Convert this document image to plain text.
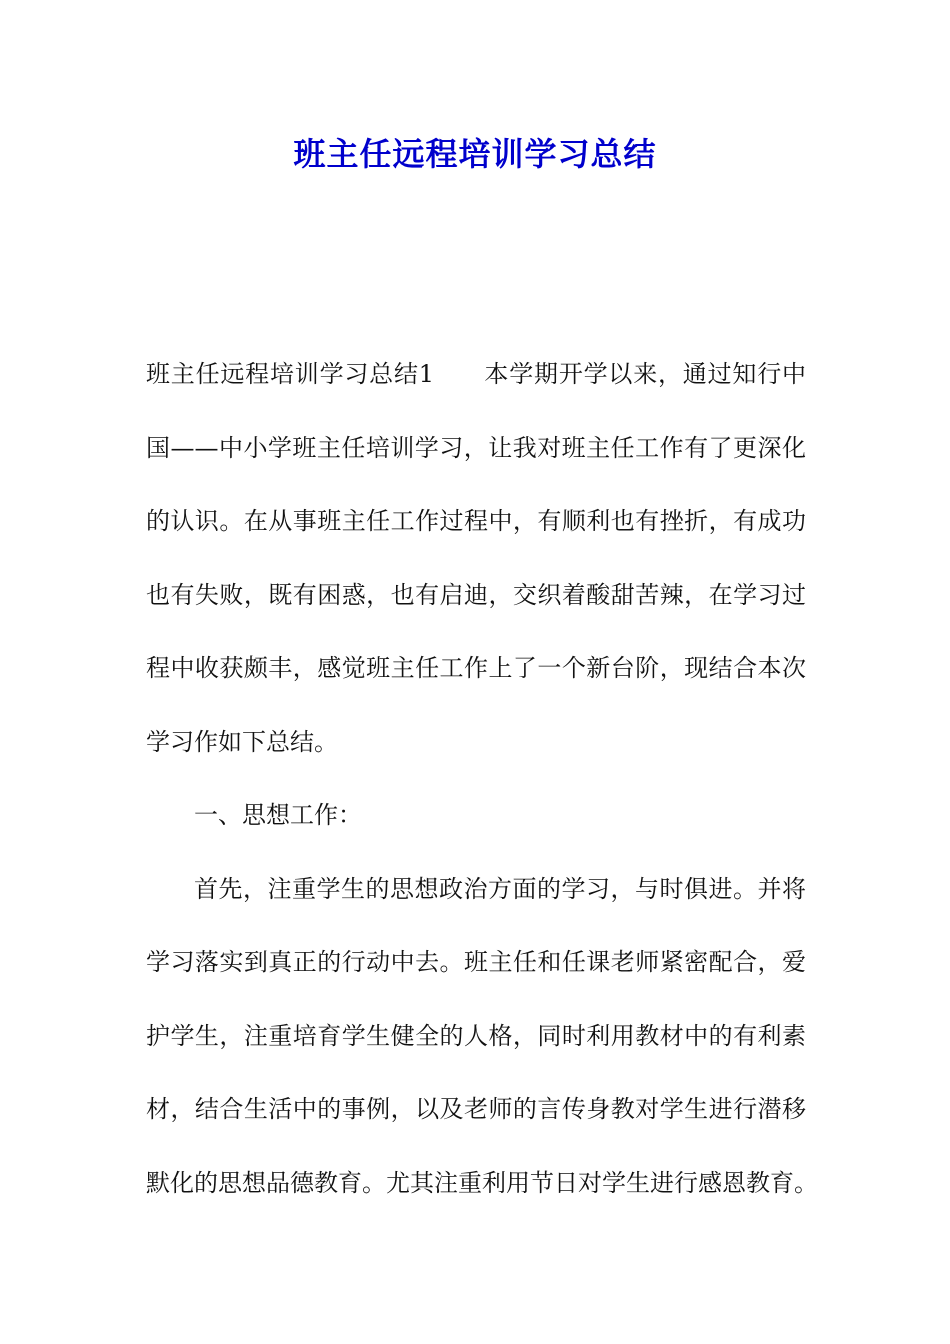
班主任远程培训学习总结
班主任远程培训学习总结1　　本学期开学以来，通过知行中
国——中小学班主任培训学习，让我对班主任工作有了更深化
的认识。在从事班主任工作过程中，有顺利也有挫折，有成功
也有失败，既有困惑，也有启迪，交织着酸甜苦辣，在学习过
程中收获颇丰，感觉班主任工作上了一个新台阶，现结合本次
学习作如下总结。
一、思想工作：
首先，注重学生的思想政治方面的学习，与时俱进。并将
学习落实到真正的行动中去。班主任和任课老师紧密配合，爱
护学生，注重培育学生健全的人格，同时利用教材中的有利素
材，结合生活中的事例，以及老师的言传身教对学生进行潜移
默化的思想品德教育。尤其注重利用节日对学生进行感恩教育。
